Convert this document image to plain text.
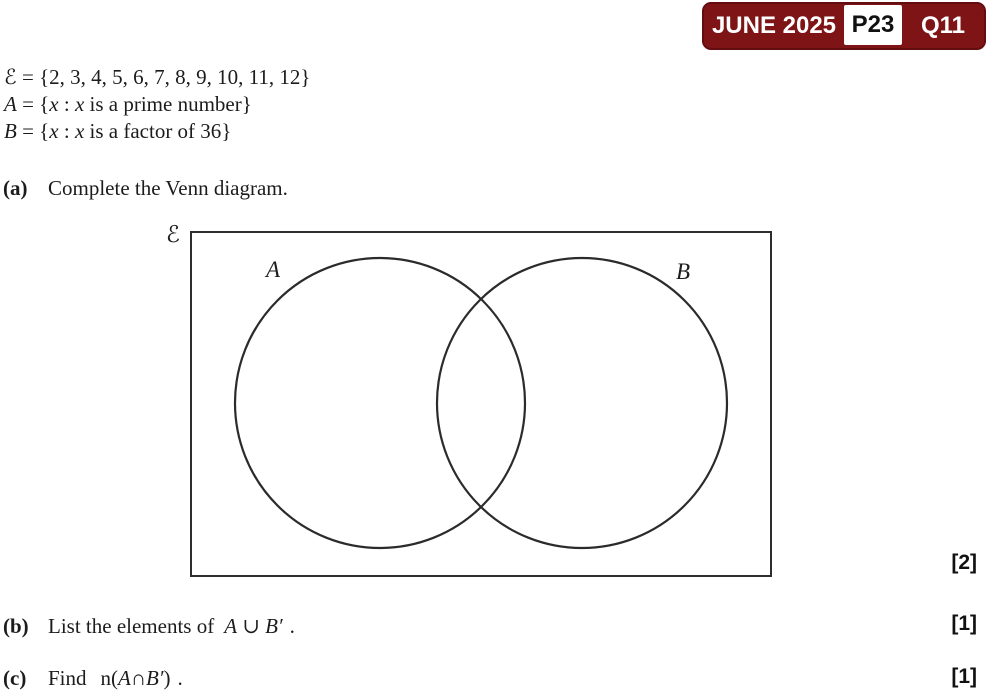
JUNE 2025 P23	Q11
ℰ = {2, 3, 4, 5, 6, 7, 8, 9, 10, 11, 12}
A = {x : x is a prime number}
B = {x : x is a factor of 36}
(a) Complete the Venn diagram.
ℰ
A	B
[2]
[1]
[1]
(b) List the elements of A ∪ B′ .
(c) Find n(A∩B′) .
